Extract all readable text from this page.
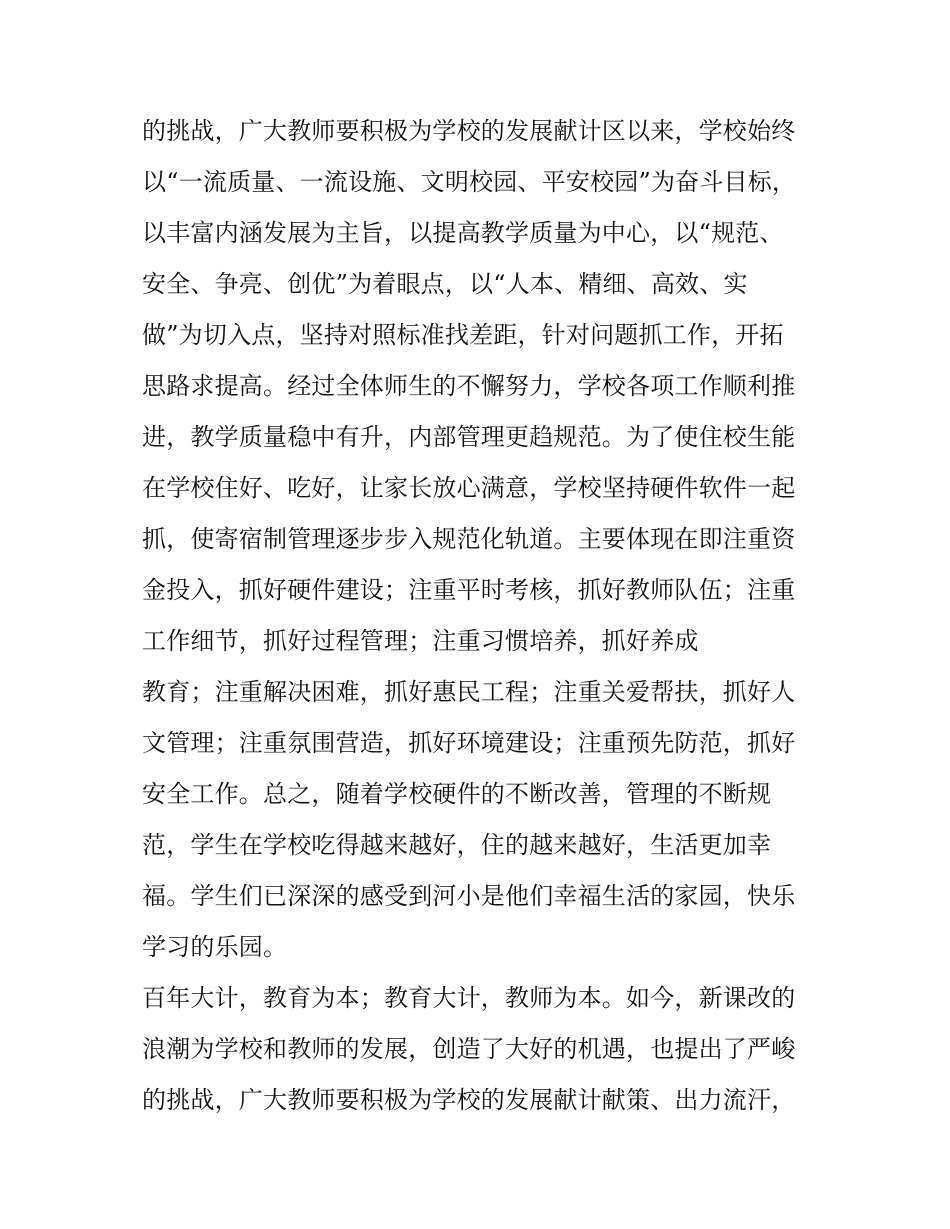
的挑战，广大教师要积极为学校的发展献计区以来，学校始终
以“一流质量、一流设施、文明校园、平安校园”为奋斗目标，
以丰富内涵发展为主旨，以提高教学质量为中心，以“规范、
安全、争亮、创优”为着眼点，以“人本、精细、高效、实
做”为切入点，坚持对照标准找差距，针对问题抓工作，开拓
思路求提高。经过全体师生的不懈努力，学校各项工作顺利推
进，教学质量稳中有升，内部管理更趋规范。为了使住校生能
在学校住好、吃好，让家长放心满意，学校坚持硬件软件一起
抓，使寄宿制管理逐步步入规范化轨道。主要体现在即注重资
金投入，抓好硬件建设；注重平时考核，抓好教师队伍；注重
工作细节，抓好过程管理；注重习惯培养，抓好养成
教育；注重解决困难，抓好惠民工程；注重关爱帮扶，抓好人
文管理；注重氛围营造，抓好环境建设；注重预先防范，抓好
安全工作。总之，随着学校硬件的不断改善，管理的不断规
范，学生在学校吃得越来越好，住的越来越好，生活更加幸
福。学生们已深深的感受到河小是他们幸福生活的家园，快乐
学习的乐园。
百年大计，教育为本；教育大计，教师为本。如今，新课改的
浪潮为学校和教师的发展，创造了大好的机遇，也提出了严峻
的挑战，广大教师要积极为学校的发展献计献策、出力流汗，
